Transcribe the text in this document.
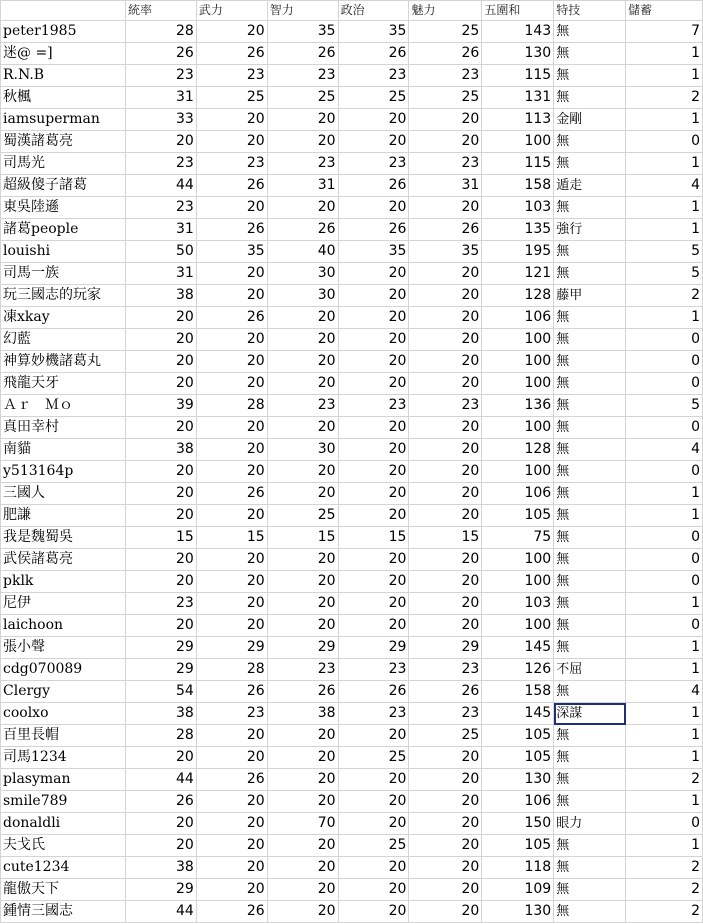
	統率	武力	智力	政治	魅力	五圍和	特技	儲蓄
peter1985	28	20	35	35	25	143	無	7
迷@ =]	26	26	26	26	26	130	無	1
R.N.B	23	23	23	23	23	115	無	1
秋楓	31	25	25	25	25	131	無	2
iamsuperman	33	20	20	20	20	113	金剛	1
蜀漢諸葛亮	20	20	20	20	20	100	無	0
司馬光	23	23	23	23	23	115	無	1
超級傻子諸葛	44	26	31	26	31	158	遁走	4
東吳陸遜	23	20	20	20	20	103	無	1
諸葛people	31	26	26	26	26	135	強行	1
louishi	50	35	40	35	35	195	無	5
司馬一族	31	20	30	20	20	121	無	5
玩三國志的玩家	38	20	30	20	20	128	藤甲	2
凍xkay	20	26	20	20	20	106	無	1
幻藍	20	20	20	20	20	100	無	0
神算妙機諸葛丸	20	20	20	20	20	100	無	0
飛龍天牙	20	20	20	20	20	100	無	0
Ａｒ　Ｍｏ	39	28	23	23	23	136	無	5
真田幸村	20	20	20	20	20	100	無	0
南貓	38	20	30	20	20	128	無	4
y513164p	20	20	20	20	20	100	無	0
三國人	20	26	20	20	20	106	無	1
肥謙	20	20	25	20	20	105	無	1
我是魏蜀吳	15	15	15	15	15	75	無	0
武侯諸葛亮	20	20	20	20	20	100	無	0
pklk	20	20	20	20	20	100	無	0
尼伊	23	20	20	20	20	103	無	1
laichoon	20	20	20	20	20	100	無	0
張小聲	29	29	29	29	29	145	無	1
cdg070089	29	28	23	23	23	126	不屈	1
Clergy	54	26	26	26	26	158	無	4
coolxo	38	23	38	23	23	145	深謀	1
百里長帽	28	20	20	20	25	105	無	1
司馬1234	20	20	20	25	20	105	無	1
plasyman	44	26	20	20	20	130	無	2
smile789	26	20	20	20	20	106	無	1
donaldli	20	20	70	20	20	150	眼力	0
夫戈氏	20	20	20	25	20	105	無	1
cute1234	38	20	20	20	20	118	無	2
龍傲天下	29	20	20	20	20	109	無	2
鍾情三國志	44	26	20	20	20	130	無	2
